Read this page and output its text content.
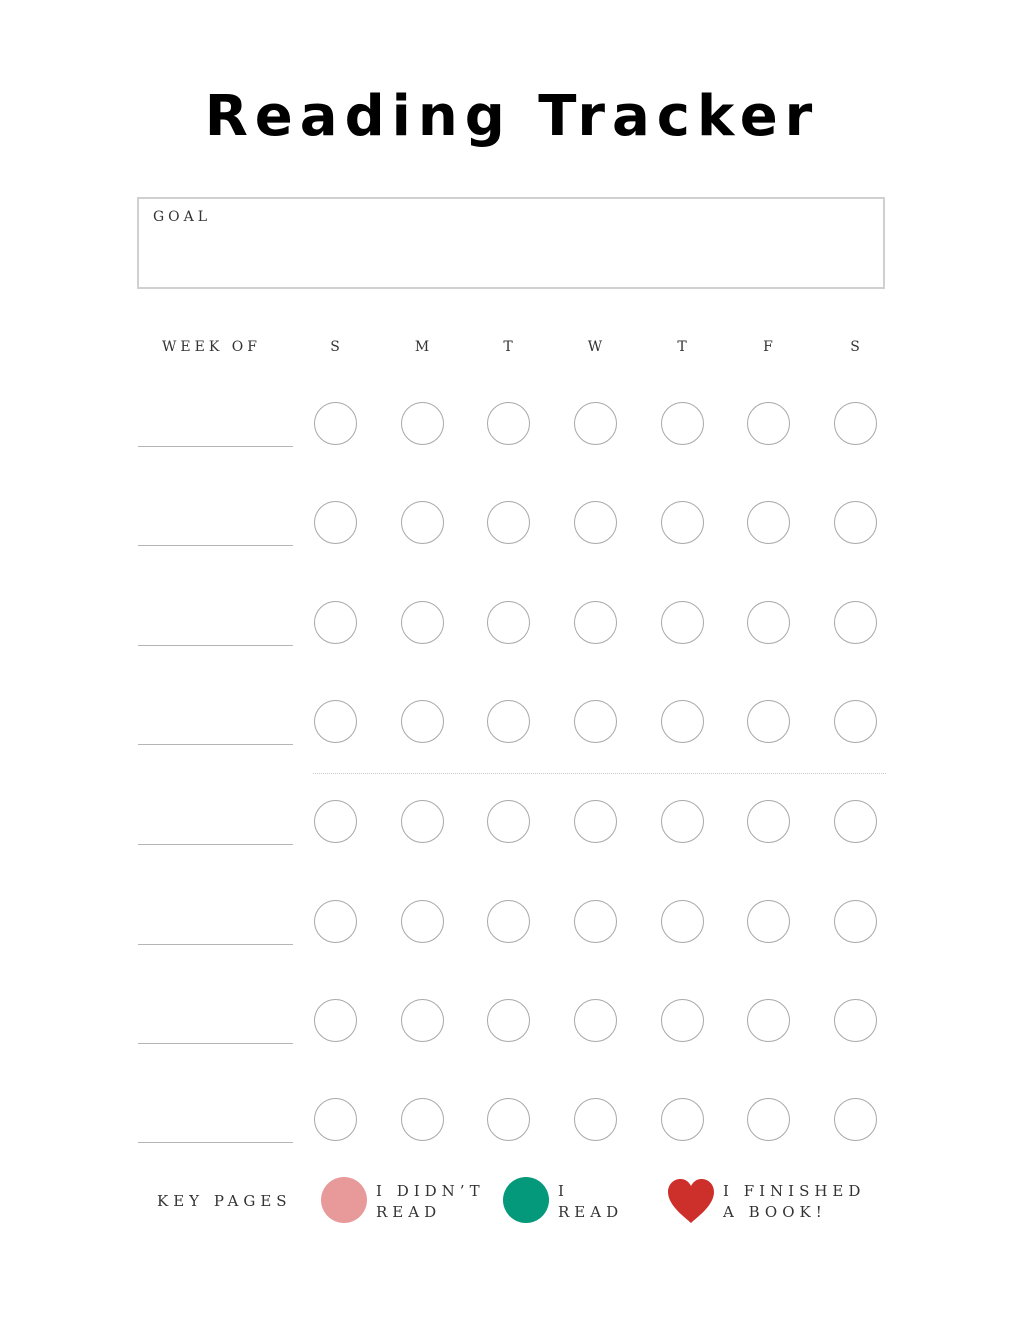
Reading Tracker
GOAL
WEEK OF	S	M	T	W	T	F	S
KEY PAGES
I DIDN’T
READ
I
READ
I FINISHED
A BOOK!
